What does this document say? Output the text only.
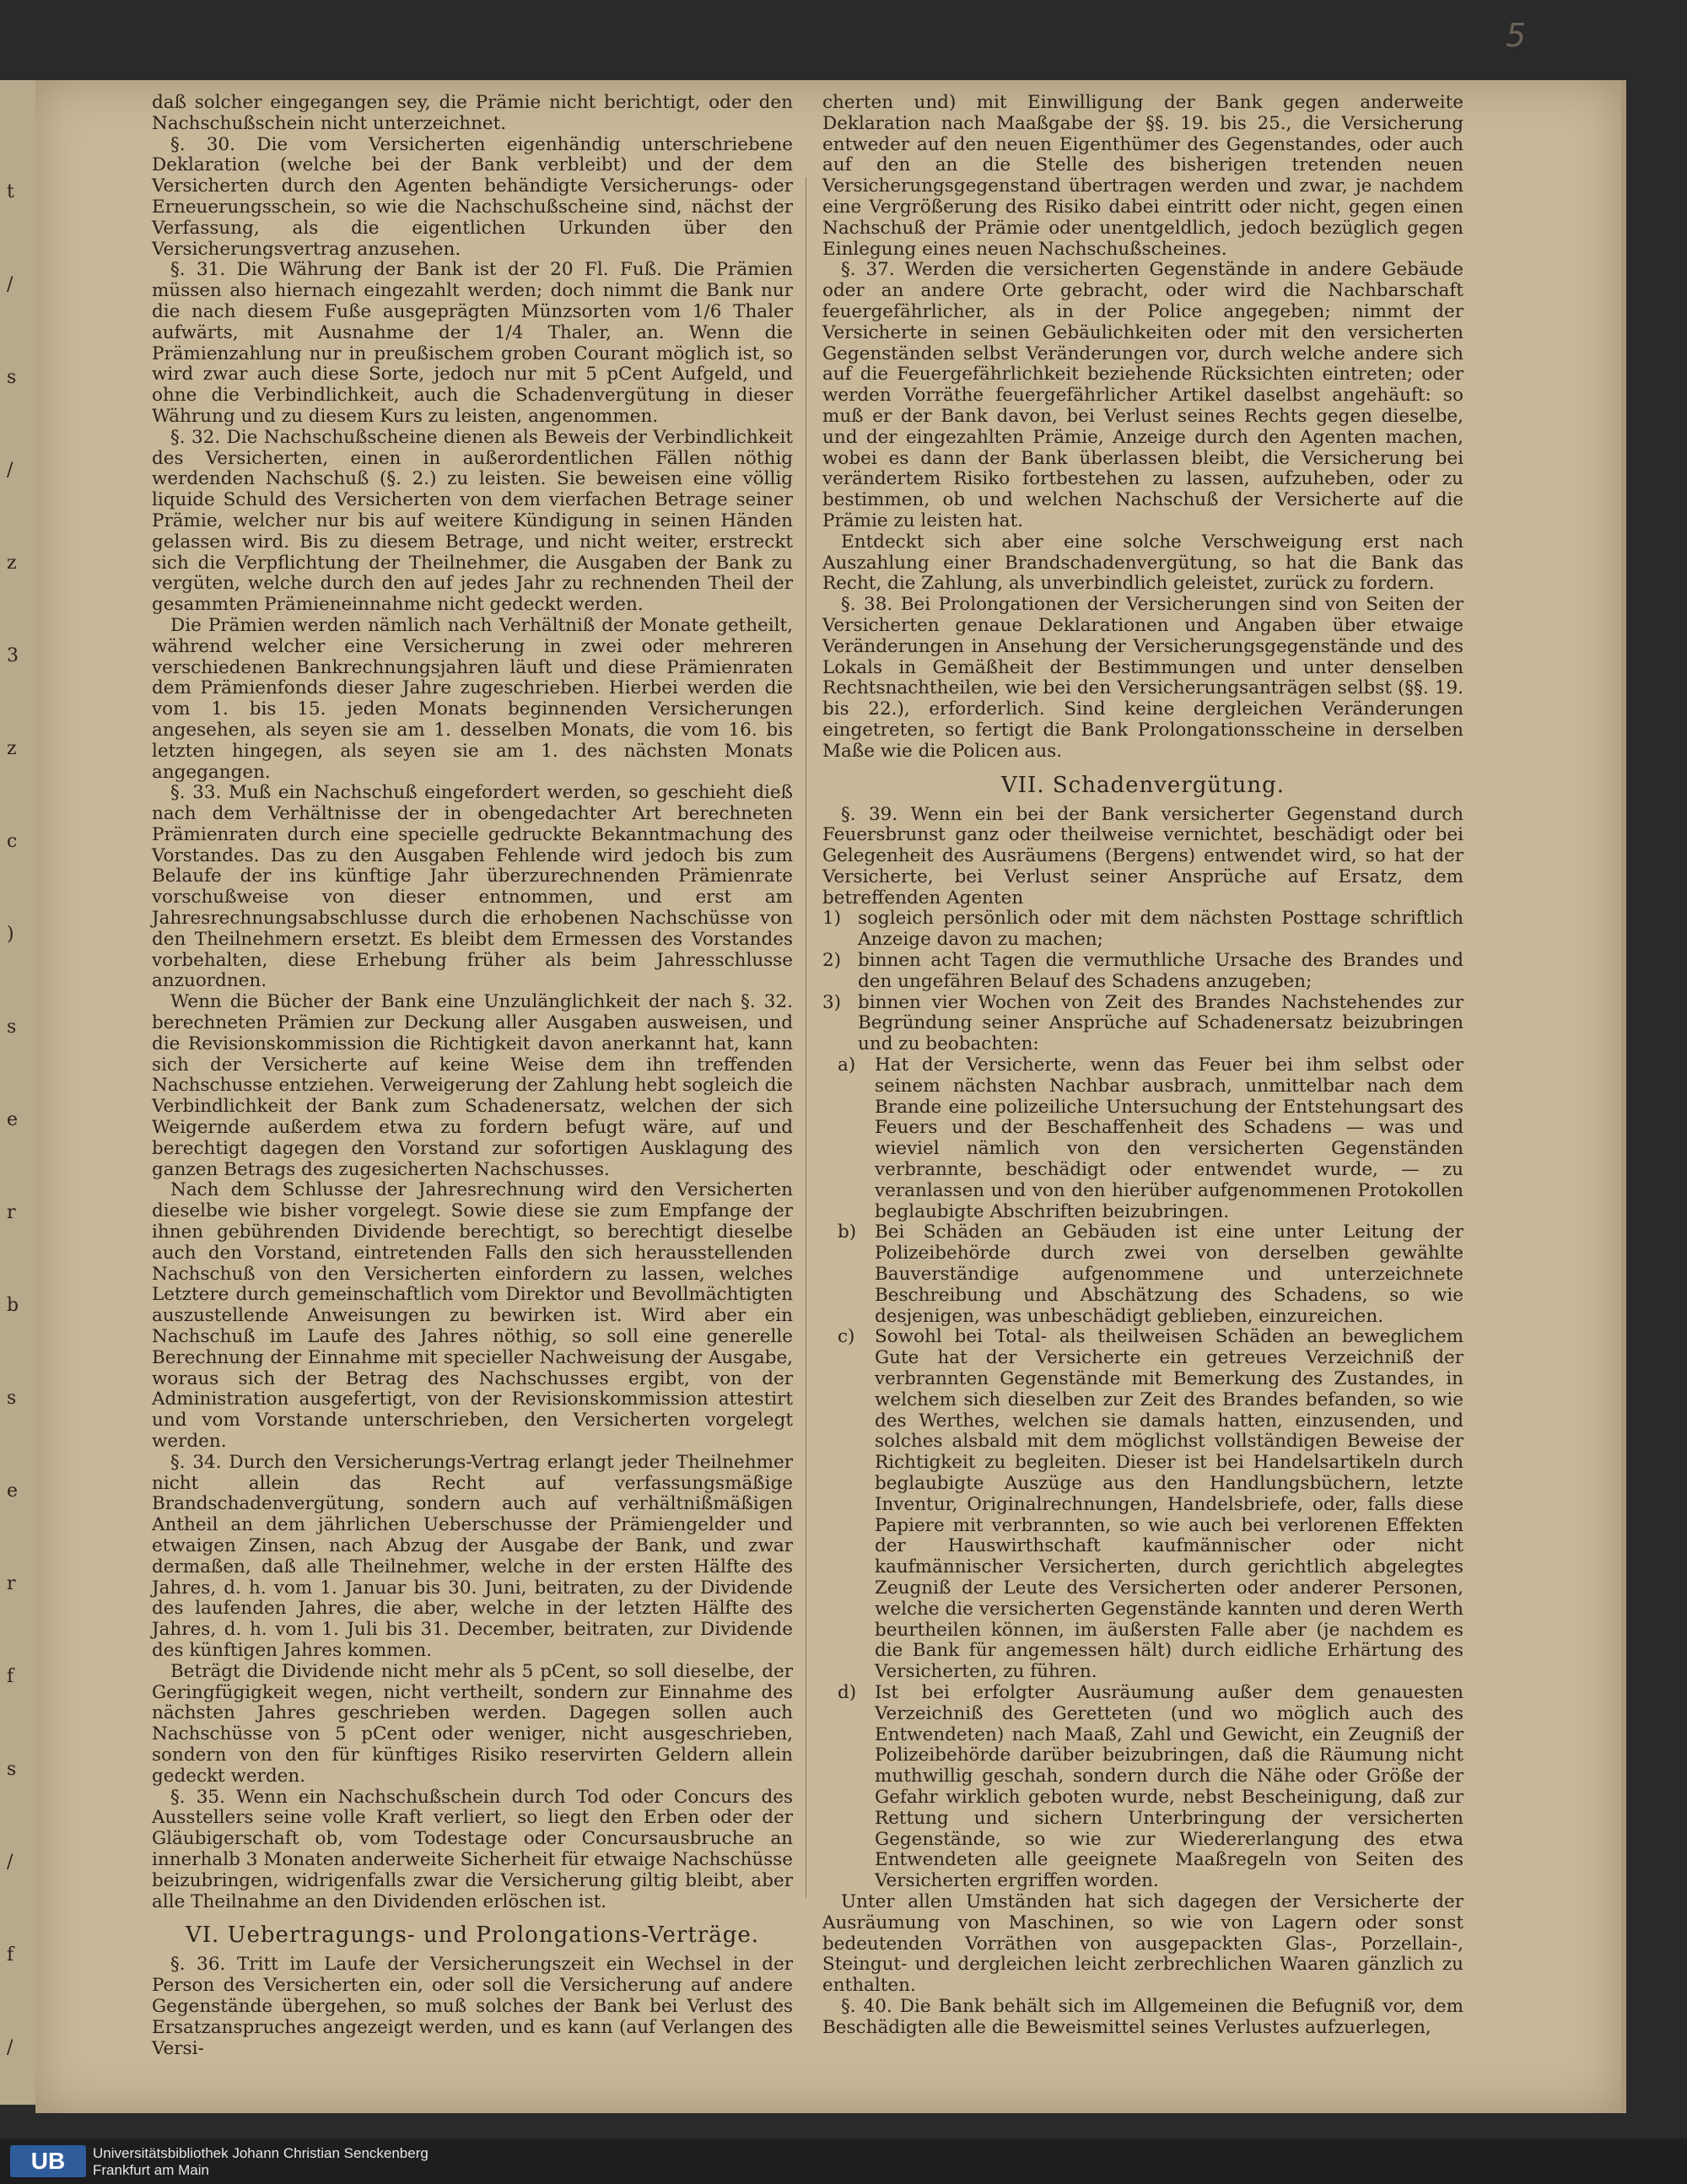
t
/
s
/
z
3
z
c
)
s
e
r
b
s
e
r
f
s
/
f
/
5

daß solcher eingegangen sey, die Prämie nicht berichtigt, oder den Nachschußschein nicht unterzeichnet.

§. 30. Die vom Versicherten eigenhändig unterschriebene Deklaration (welche bei der Bank verbleibt) und der dem Versicherten durch den Agenten behändigte Versicherungs- oder Erneuerungsschein, so wie die Nachschußscheine sind, nächst der Verfassung, als die eigentlichen Urkunden über den Versicherungsvertrag anzusehen.

§. 31. Die Währung der Bank ist der 20 Fl. Fuß. Die Prämien müssen also hiernach eingezahlt werden; doch nimmt die Bank nur die nach diesem Fuße ausgeprägten Münzsorten vom 1/6 Thaler aufwärts, mit Ausnahme der 1/4 Thaler, an. Wenn die Prämienzahlung nur in preußischem groben Courant möglich ist, so wird zwar auch diese Sorte, jedoch nur mit 5 pCent Aufgeld, und ohne die Verbindlichkeit, auch die Schadenvergütung in dieser Währung und zu diesem Kurs zu leisten, angenommen.

§. 32. Die Nachschußscheine dienen als Beweis der Verbindlichkeit des Versicherten, einen in außerordentlichen Fällen nöthig werdenden Nachschuß (§. 2.) zu leisten. Sie beweisen eine völlig liquide Schuld des Versicherten von dem vierfachen Betrage seiner Prämie, welcher nur bis auf weitere Kündigung in seinen Händen gelassen wird. Bis zu diesem Betrage, und nicht weiter, erstreckt sich die Verpflichtung der Theilnehmer, die Ausgaben der Bank zu vergüten, welche durch den auf jedes Jahr zu rechnenden Theil der gesammten Prämieneinnahme nicht gedeckt werden.

Die Prämien werden nämlich nach Verhältniß der Monate getheilt, während welcher eine Versicherung in zwei oder mehreren verschiedenen Bankrechnungsjahren läuft und diese Prämienraten dem Prämienfonds dieser Jahre zugeschrieben. Hierbei werden die vom 1. bis 15. jeden Monats beginnenden Versicherungen angesehen, als seyen sie am 1. desselben Monats, die vom 16. bis letzten hingegen, als seyen sie am 1. des nächsten Monats angegangen.

§. 33. Muß ein Nachschuß eingefordert werden, so geschieht dieß nach dem Verhältnisse der in obengedachter Art berechneten Prämienraten durch eine specielle gedruckte Bekanntmachung des Vorstandes. Das zu den Ausgaben Fehlende wird jedoch bis zum Belaufe der ins künftige Jahr überzurechnenden Prämienrate vorschußweise von dieser entnommen, und erst am Jahresrechnungsabschlusse durch die erhobenen Nachschüsse von den Theilnehmern ersetzt. Es bleibt dem Ermessen des Vorstandes vorbehalten, diese Erhebung früher als beim Jahresschlusse anzuordnen.

Wenn die Bücher der Bank eine Unzulänglichkeit der nach §. 32. berechneten Prämien zur Deckung aller Ausgaben ausweisen, und die Revisionskommission die Richtigkeit davon anerkannt hat, kann sich der Versicherte auf keine Weise dem ihn treffenden Nachschusse entziehen. Verweigerung der Zahlung hebt sogleich die Verbindlichkeit der Bank zum Schadenersatz, welchen der sich Weigernde außerdem etwa zu fordern befugt wäre, auf und berechtigt dagegen den Vorstand zur sofortigen Ausklagung des ganzen Betrags des zugesicherten Nachschusses.

Nach dem Schlusse der Jahresrechnung wird den Versicherten dieselbe wie bisher vorgelegt. Sowie diese sie zum Empfange der ihnen gebührenden Dividende berechtigt, so berechtigt dieselbe auch den Vorstand, eintretenden Falls den sich herausstellenden Nachschuß von den Versicherten einfordern zu lassen, welches Letztere durch gemeinschaftlich vom Direktor und Bevollmächtigten auszustellende Anweisungen zu bewirken ist. Wird aber ein Nachschuß im Laufe des Jahres nöthig, so soll eine generelle Berechnung der Einnahme mit specieller Nachweisung der Ausgabe, woraus sich der Betrag des Nachschusses ergibt, von der Administration ausgefertigt, von der Revisionskommission attestirt und vom Vorstande unterschrieben, den Versicherten vorgelegt werden.

§. 34. Durch den Versicherungs-Vertrag erlangt jeder Theilnehmer nicht allein das Recht auf verfassungsmäßige Brandschadenvergütung, sondern auch auf verhältnißmäßigen Antheil an dem jährlichen Ueberschusse der Prämiengelder und etwaigen Zinsen, nach Abzug der Ausgabe der Bank, und zwar dermaßen, daß alle Theilnehmer, welche in der ersten Hälfte des Jahres, d. h. vom 1. Januar bis 30. Juni, beitraten, zu der Dividende des laufenden Jahres, die aber, welche in der letzten Hälfte des Jahres, d. h. vom 1. Juli bis 31. December, beitraten, zur Dividende des künftigen Jahres kommen.

Beträgt die Dividende nicht mehr als 5 pCent, so soll dieselbe, der Geringfügigkeit wegen, nicht vertheilt, sondern zur Einnahme des nächsten Jahres geschrieben werden. Dagegen sollen auch Nachschüsse von 5 pCent oder weniger, nicht ausgeschrieben, sondern von den für künftiges Risiko reservirten Geldern allein gedeckt werden.

§. 35. Wenn ein Nachschußschein durch Tod oder Concurs des Ausstellers seine volle Kraft verliert, so liegt den Erben oder der Gläubigerschaft ob, vom Todestage oder Concursausbruche an innerhalb 3 Monaten anderweite Sicherheit für etwaige Nachschüsse beizubringen, widrigenfalls zwar die Versicherung giltig bleibt, aber alle Theilnahme an den Dividenden erlöschen ist.

VI. Uebertragungs- und Prolongations-Verträge.

§. 36. Tritt im Laufe der Versicherungszeit ein Wechsel in der Person des Versicherten ein, oder soll die Versicherung auf andere Gegenstände übergehen, so muß solches der Bank bei Verlust des Ersatzanspruches angezeigt werden, und es kann (auf Verlangen des Versi-

cherten und) mit Einwilligung der Bank gegen anderweite Deklaration nach Maaßgabe der §§. 19. bis 25., die Versicherung entweder auf den neuen Eigenthümer des Gegenstandes, oder auch auf den an die Stelle des bisherigen tretenden neuen Versicherungsgegenstand übertragen werden und zwar, je nachdem eine Vergrößerung des Risiko dabei eintritt oder nicht, gegen einen Nachschuß der Prämie oder unentgeldlich, jedoch bezüglich gegen Einlegung eines neuen Nachschußscheines.

§. 37. Werden die versicherten Gegenstände in andere Gebäude oder an andere Orte gebracht, oder wird die Nachbarschaft feuergefährlicher, als in der Police angegeben; nimmt der Versicherte in seinen Gebäulichkeiten oder mit den versicherten Gegenständen selbst Veränderungen vor, durch welche andere sich auf die Feuergefährlichkeit beziehende Rücksichten eintreten; oder werden Vorräthe feuergefährlicher Artikel daselbst angehäuft: so muß er der Bank davon, bei Verlust seines Rechts gegen dieselbe, und der eingezahlten Prämie, Anzeige durch den Agenten machen, wobei es dann der Bank überlassen bleibt, die Versicherung bei verändertem Risiko fortbestehen zu lassen, aufzuheben, oder zu bestimmen, ob und welchen Nachschuß der Versicherte auf die Prämie zu leisten hat.

Entdeckt sich aber eine solche Verschweigung erst nach Auszahlung einer Brandschadenvergütung, so hat die Bank das Recht, die Zahlung, als unverbindlich geleistet, zurück zu fordern.

§. 38. Bei Prolongationen der Versicherungen sind von Seiten der Versicherten genaue Deklarationen und Angaben über etwaige Veränderungen in Ansehung der Versicherungsgegenstände und des Lokals in Gemäßheit der Bestimmungen und unter denselben Rechtsnachtheilen, wie bei den Versicherungsanträgen selbst (§§. 19. bis 22.), erforderlich. Sind keine dergleichen Veränderungen eingetreten, so fertigt die Bank Prolongationsscheine in derselben Maße wie die Policen aus.

VII. Schadenvergütung.

§. 39. Wenn ein bei der Bank versicherter Gegenstand durch Feuersbrunst ganz oder theilweise vernichtet, beschädigt oder bei Gelegenheit des Ausräumens (Bergens) entwendet wird, so hat der Versicherte, bei Verlust seiner Ansprüche auf Ersatz, dem betreffenden Agenten

1) sogleich persönlich oder mit dem nächsten Posttage schriftlich Anzeige davon zu machen;
2) binnen acht Tagen die vermuthliche Ursache des Brandes und den ungefähren Belauf des Schadens anzugeben;
3) binnen vier Wochen von Zeit des Brandes Nachstehendes zur Begründung seiner Ansprüche auf Schadenersatz beizubringen und zu beobachten:
a) Hat der Versicherte, wenn das Feuer bei ihm selbst oder seinem nächsten Nachbar ausbrach, unmittelbar nach dem Brande eine polizeiliche Untersuchung der Entstehungsart des Feuers und der Beschaffenheit des Schadens — was und wieviel nämlich von den versicherten Gegenständen verbrannte, beschädigt oder entwendet wurde, — zu veranlassen und von den hierüber aufgenommenen Protokollen beglaubigte Abschriften beizubringen.
b) Bei Schäden an Gebäuden ist eine unter Leitung der Polizeibehörde durch zwei von derselben gewählte Bauverständige aufgenommene und unterzeichnete Beschreibung und Abschätzung des Schadens, so wie desjenigen, was unbeschädigt geblieben, einzureichen.
c) Sowohl bei Total- als theilweisen Schäden an beweglichem Gute hat der Versicherte ein getreues Verzeichniß der verbrannten Gegenstände mit Bemerkung des Zustandes, in welchem sich dieselben zur Zeit des Brandes befanden, so wie des Werthes, welchen sie damals hatten, einzusenden, und solches alsbald mit dem möglichst vollständigen Beweise der Richtigkeit zu begleiten. Dieser ist bei Handelsartikeln durch beglaubigte Auszüge aus den Handlungsbüchern, letzte Inventur, Originalrechnungen, Handelsbriefe, oder, falls diese Papiere mit verbrannten, so wie auch bei verlorenen Effekten der Hauswirthschaft kaufmännischer oder nicht kaufmännischer Versicherten, durch gerichtlich abgelegtes Zeugniß der Leute des Versicherten oder anderer Personen, welche die versicherten Gegenstände kannten und deren Werth beurtheilen können, im äußersten Falle aber (je nachdem es die Bank für angemessen hält) durch eidliche Erhärtung des Versicherten, zu führen.
d) Ist bei erfolgter Ausräumung außer dem genauesten Verzeichniß des Geretteten (und wo möglich auch des Entwendeten) nach Maaß, Zahl und Gewicht, ein Zeugniß der Polizeibehörde darüber beizubringen, daß die Räumung nicht muthwillig geschah, sondern durch die Nähe oder Größe der Gefahr wirklich geboten wurde, nebst Bescheinigung, daß zur Rettung und sichern Unterbringung der versicherten Gegenstände, so wie zur Wiedererlangung des etwa Entwendeten alle geeignete Maaßregeln von Seiten des Versicherten ergriffen worden.

Unter allen Umständen hat sich dagegen der Versicherte der Ausräumung von Maschinen, so wie von Lagern oder sonst bedeutenden Vorräthen von ausgepackten Glas-, Porzellain-, Steingut- und dergleichen leicht zerbrechlichen Waaren gänzlich zu enthalten.

§. 40. Die Bank behält sich im Allgemeinen die Befugniß vor, dem Beschädigten alle die Beweismittel seines Verlustes aufzuerlegen,

UB	Universitätsbibliothek Johann Christian Senckenberg
Frankfurt am Main
